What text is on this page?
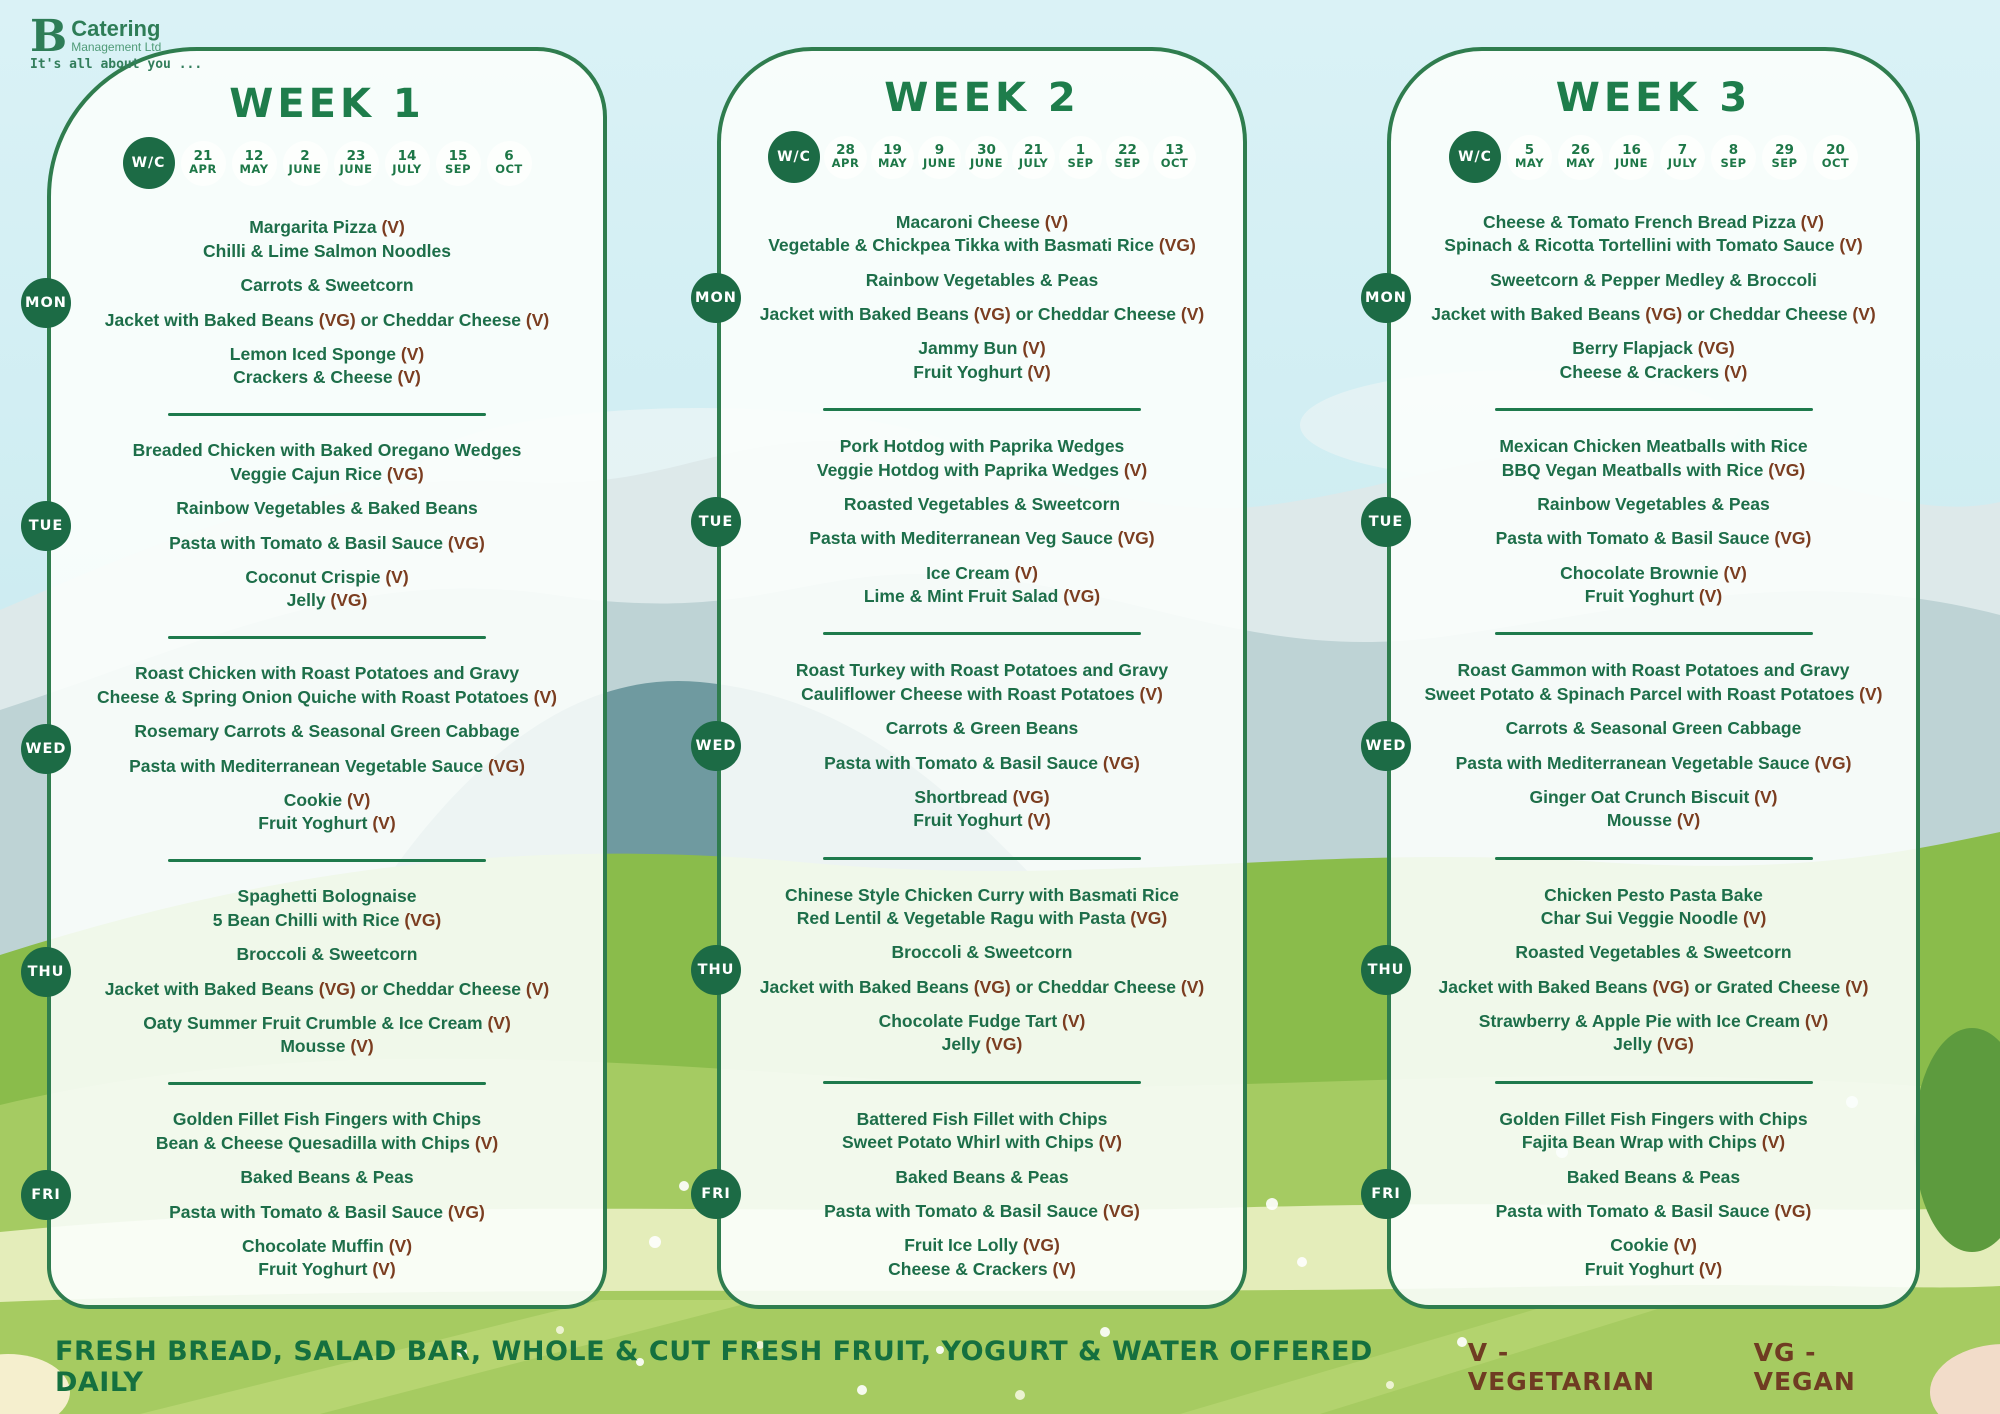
B Catering
Management Ltd
It's all about you ...
WEEK 1
W/C	21
APR
12
MAY
2
JUNE
23
JUNE
14
JULY
15
SEP
6
OCT
MON
Margarita Pizza (V)
Chilli & Lime Salmon Noodles
Carrots & Sweetcorn
Jacket with Baked Beans (VG) or Cheddar Cheese (V)
Lemon Iced Sponge (V)
Crackers & Cheese (V)
TUE
Breaded Chicken with Baked Oregano Wedges
Veggie Cajun Rice (VG)
Rainbow Vegetables & Baked Beans
Pasta with Tomato & Basil Sauce (VG)
Coconut Crispie (V)
Jelly (VG)
WED
Roast Chicken with Roast Potatoes and Gravy
Cheese & Spring Onion Quiche with Roast Potatoes (V)
Rosemary Carrots & Seasonal Green Cabbage
Pasta with Mediterranean Vegetable Sauce (VG)
Cookie (V)
Fruit Yoghurt (V)
THU
Spaghetti Bolognaise
5 Bean Chilli with Rice (VG)
Broccoli & Sweetcorn
Jacket with Baked Beans (VG) or Cheddar Cheese (V)
Oaty Summer Fruit Crumble & Ice Cream (V)
Mousse (V)
FRI
Golden Fillet Fish Fingers with Chips
Bean & Cheese Quesadilla with Chips (V)
Baked Beans & Peas
Pasta with Tomato & Basil Sauce (VG)
Chocolate Muffin (V)
Fruit Yoghurt (V)
WEEK 2
W/C	28
APR
19
MAY
9
JUNE
30
JUNE
21
JULY
1
SEP
22
SEP
13
OCT
MON
Macaroni Cheese (V)
Vegetable & Chickpea Tikka with Basmati Rice (VG)
Rainbow Vegetables & Peas
Jacket with Baked Beans (VG) or Cheddar Cheese (V)
Jammy Bun (V)
Fruit Yoghurt (V)
TUE
Pork Hotdog with Paprika Wedges
Veggie Hotdog with Paprika Wedges (V)
Roasted Vegetables & Sweetcorn
Pasta with Mediterranean Veg Sauce (VG)
Ice Cream (V)
Lime & Mint Fruit Salad (VG)
WED
Roast Turkey with Roast Potatoes and Gravy
Cauliflower Cheese with Roast Potatoes (V)
Carrots & Green Beans
Pasta with Tomato & Basil Sauce (VG)
Shortbread (VG)
Fruit Yoghurt (V)
THU
Chinese Style Chicken Curry with Basmati Rice
Red Lentil & Vegetable Ragu with Pasta (VG)
Broccoli & Sweetcorn
Jacket with Baked Beans (VG) or Cheddar Cheese (V)
Chocolate Fudge Tart (V)
Jelly (VG)
FRI
Battered Fish Fillet with Chips
Sweet Potato Whirl with Chips (V)
Baked Beans & Peas
Pasta with Tomato & Basil Sauce (VG)
Fruit Ice Lolly (VG)
Cheese & Crackers (V)
WEEK 3
W/C	5
MAY
26
MAY
16
JUNE
7
JULY
8
SEP
29
SEP
20
OCT
MON
Cheese & Tomato French Bread Pizza (V)
Spinach & Ricotta Tortellini with Tomato Sauce (V)
Sweetcorn & Pepper Medley & Broccoli
Jacket with Baked Beans (VG) or Cheddar Cheese (V)
Berry Flapjack (VG)
Cheese & Crackers (V)
TUE
Mexican Chicken Meatballs with Rice
BBQ Vegan Meatballs with Rice (VG)
Rainbow Vegetables & Peas
Pasta with Tomato & Basil Sauce (VG)
Chocolate Brownie (V)
Fruit Yoghurt (V)
WED
Roast Gammon with Roast Potatoes and Gravy
Sweet Potato & Spinach Parcel with Roast Potatoes (V)
Carrots & Seasonal Green Cabbage
Pasta with Mediterranean Vegetable Sauce (VG)
Ginger Oat Crunch Biscuit (V)
Mousse (V)
THU
Chicken Pesto Pasta Bake
Char Sui Veggie Noodle (V)
Roasted Vegetables & Sweetcorn
Jacket with Baked Beans (VG) or Grated Cheese (V)
Strawberry & Apple Pie with Ice Cream (V)
Jelly (VG)
FRI
Golden Fillet Fish Fingers with Chips
Fajita Bean Wrap with Chips (V)
Baked Beans & Peas
Pasta with Tomato & Basil Sauce (VG)
Cookie (V)
Fruit Yoghurt (V)
FRESH BREAD, SALAD BAR, WHOLE & CUT FRESH FRUIT, YOGURT & WATER OFFERED DAILY
V - VEGETARIAN
VG - VEGAN
